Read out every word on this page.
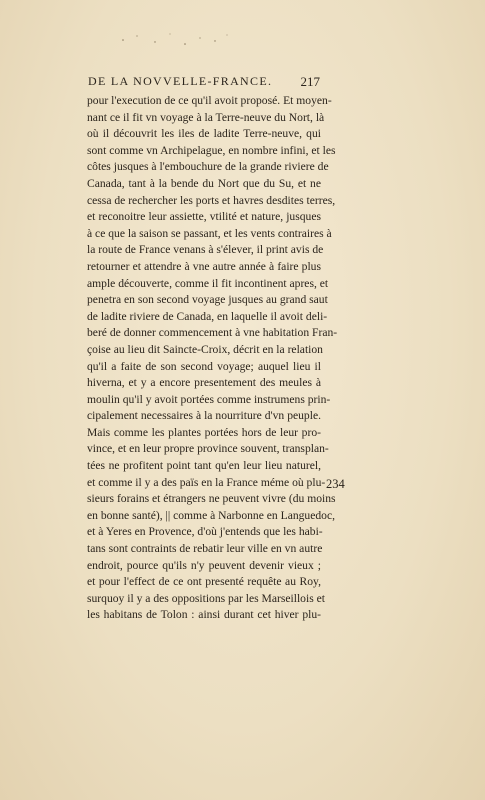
DE LA NOVVELLE-FRANCE. 217
pour l'execution de ce qu'il avoit proposé. Et moyen-
nant ce il fit vn voyage à la Terre-neuve du Nort, là
où il découvrit les iles de ladite Terre-neuve, qui
sont comme vn Archipelague, en nombre infini, et les
côtes jusques à l'embouchure de la grande riviere de
Canada, tant à la bende du Nort que du Su, et ne
cessa de rechercher les ports et havres desdites terres,
et reconoitre leur assiette, vtilité et nature, jusques
à ce que la saison se passant, et les vents contraires à
la route de France venans à s'élever, il print avis de
retourner et attendre à vne autre année à faire plus
ample découverte, comme il fit incontinent apres, et
penetra en son second voyage jusques au grand saut
de ladite riviere de Canada, en laquelle il avoit deli-
beré de donner commencement à vne habitation Fran-
çoise au lieu dit Saincte-Croix, décrit en la relation
qu'il a faite de son second voyage; auquel lieu il
hiverna, et y a encore presentement des meules à
moulin qu'il y avoit portées comme instrumens prin-
cipalement necessaires à la nourriture d'vn peuple.
Mais comme les plantes portées hors de leur pro-
vince, et en leur propre province souvent, transplan-
tées ne profitent point tant qu'en leur lieu naturel,
et comme il y a des païs en la France méme où plu-
sieurs forains et étrangers ne peuvent vivre (du moins
en bonne santé), || comme à Narbonne en Languedoc,
et à Yeres en Provence, d'où j'entends que les habi-
tans sont contraints de rebatir leur ville en vn autre
endroit, pource qu'ils n'y peuvent devenir vieux ;
et pour l'effect de ce ont presenté requête au Roy,
surquoy il y a des oppositions par les Marseillois et
les habitans de Tolon : ainsi durant cet hiver plu-
234
